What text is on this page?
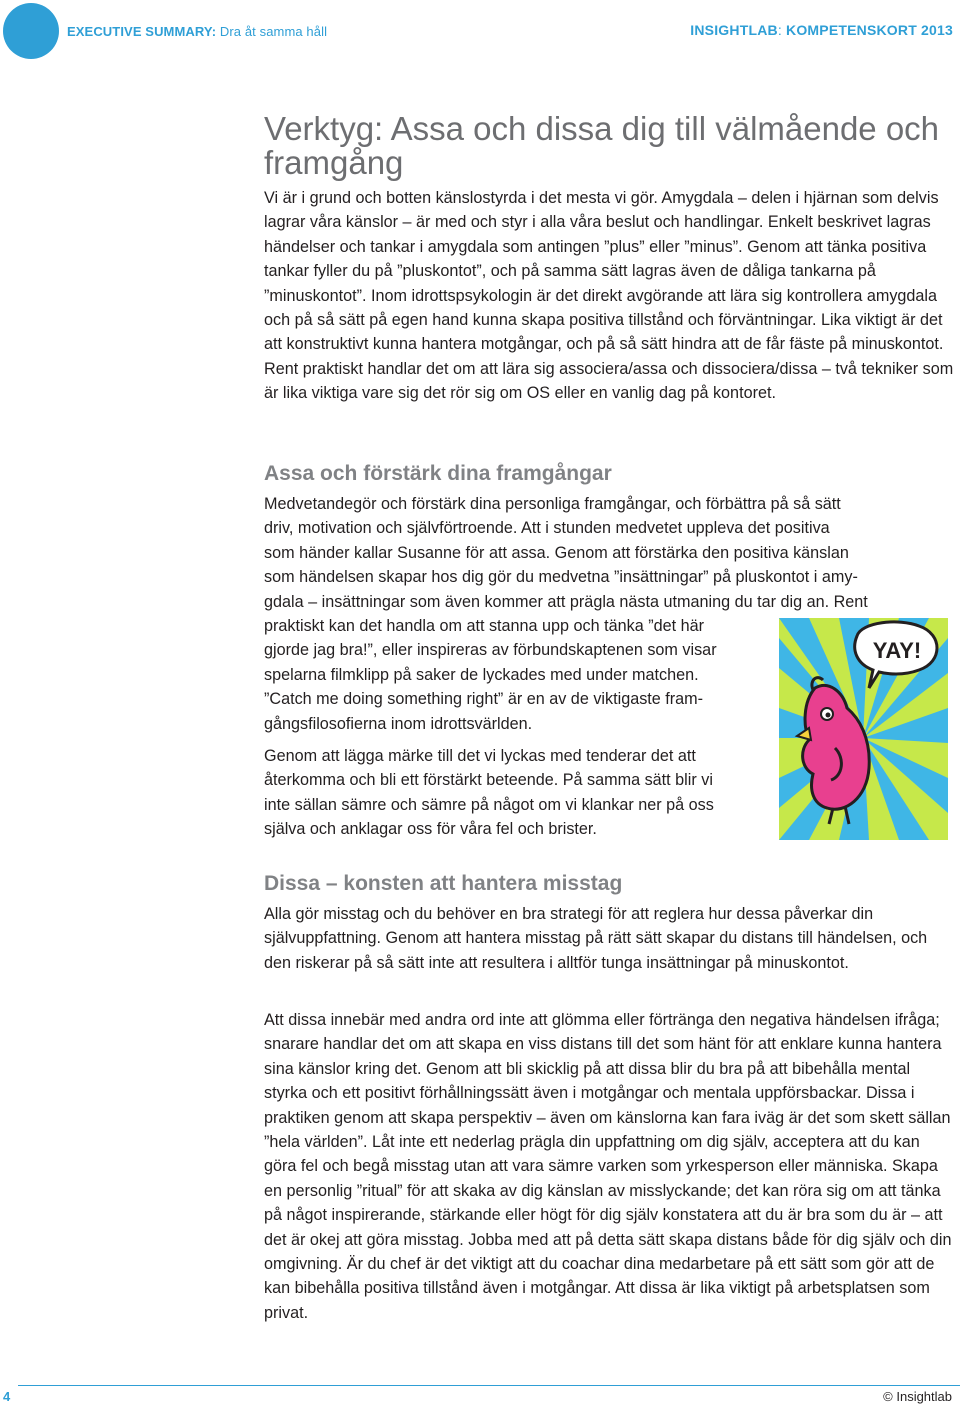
EXECUTIVE SUMMARY: Dra åt samma håll	INSIGHTLAB: KOMPETENSKORT 2013
Verktyg: Assa och dissa dig till välmående och framgång

Vi är i grund och botten känslostyrda i det mesta vi gör. Amygdala – delen i hjärnan som delvis lagrar våra känslor – är med och styr i alla våra beslut och handlingar. Enkelt beskrivet lagras händelser och tankar i amygdala som antingen ”plus” eller ”minus”. Genom att tänka positiva tankar fyller du på ”pluskontot”, och på samma sätt lagras även de dåliga tankarna på ”minuskontot”. Inom idrottspsykologin är det direkt avgörande att lära sig kontrollera amygdala och på så sätt på egen hand kunna skapa positiva tillstånd och förväntningar. Lika viktigt är det att konstruktivt kunna hantera motgångar, och på så sätt hindra att de får fäste på minuskontot. Rent praktiskt handlar det om att lära sig associera/assa och dissociera/dissa – två tekniker som är lika viktiga vare sig det rör sig om OS eller en vanlig dag på kontoret.

Assa och förstärk dina framgångar

Medvetandegör och förstärk dina personliga framgångar, och förbättra på så sätt

driv, motivation och självförtroende. Att i stunden medvetet uppleva det positiva

som händer kallar Susanne för att assa. Genom att förstärka den positiva känslan

som händelsen skapar hos dig gör du medvetna ”insättningar” på pluskontot i amy-

gdala – insättningar som även kommer att prägla nästa utmaning du tar dig an. Rent

praktiskt kan det handla om att stanna upp och tänka ”det här

gjorde jag bra!”, eller inspireras av förbundskaptenen som visar

spelarna filmklipp på saker de lyckades med under matchen.

”Catch me doing something right” är en av de viktigaste fram-

gångsfilosofierna inom idrottsvärlden.

Genom att lägga märke till det vi lyckas med tenderar det att

återkomma och bli ett förstärkt beteende. På samma sätt blir vi

inte sällan sämre och sämre på något om vi klankar ner på oss

själva och anklagar oss för våra fel och brister.

YAY!
Dissa – konsten att hantera misstag

Alla gör misstag och du behöver en bra strategi för att reglera hur dessa påverkar din självuppfattning. Genom att hantera misstag på rätt sätt skapar du distans till händelsen, och den riskerar på så sätt inte att resultera i alltför tunga insättningar på minuskontot.

Att dissa innebär med andra ord inte att glömma eller förtränga den negativa händelsen ifråga; snarare handlar det om att skapa en viss distans till det som hänt för att enklare kunna hantera sina känslor kring det. Genom att bli skicklig på att dissa blir du bra på att bibehålla mental styrka och ett positivt förhållningssätt även i motgångar och mentala uppförsbackar. Dissa i praktiken genom att skapa perspektiv – även om känslorna kan fara iväg är det som skett sällan ”hela världen”. Låt inte ett nederlag prägla din uppfattning om dig själv, acceptera att du kan göra fel och begå misstag utan att vara sämre varken som yrkesperson eller människa. Skapa en personlig ”ritual” för att skaka av dig känslan av misslyckande; det kan röra sig om att tänka på något inspirerande, stärkande eller högt för dig själv konstatera att du är bra som du är – att det är okej att göra misstag. Jobba med att på detta sätt skapa distans både för dig själv och din omgivning. Är du chef är det viktigt att du coachar dina medarbetare på ett sätt som gör att de kan bibehålla positiva tillstånd även i motgångar. Att dissa är lika viktigt på arbetsplatsen som privat.

4	© Insightlab
